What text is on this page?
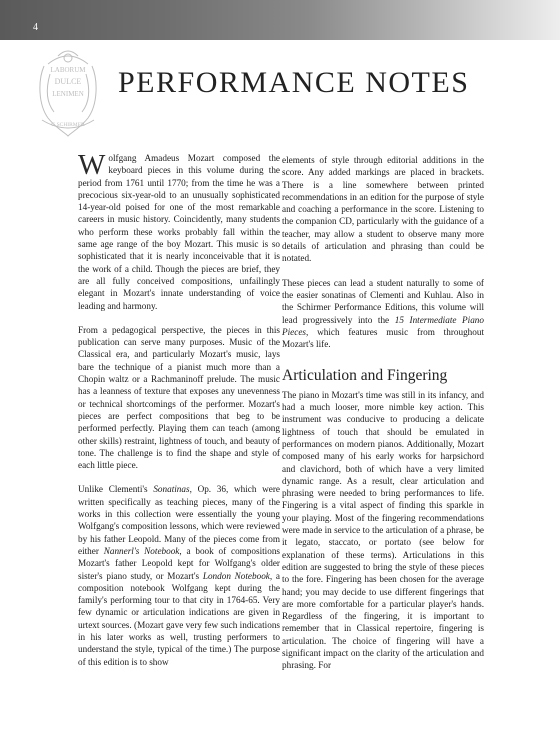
4
LABORUM
DULCE
LENIMEN
G.SCHIRMER
PERFORMANCE NOTES

Wolfgang Amadeus Mozart composed the keyboard pieces in this volume during the period from 1761 until 1770; from the time he was a precocious six-year-old to an unusually sophisticated 14-year-old poised for one of the most remarkable careers in music history. Coincidently, many students who perform these works probably fall within the same age range of the boy Mozart. This music is so sophisticated that it is nearly inconceivable that it is the work of a child. Though the pieces are brief, they are all fully conceived compositions, unfailingly elegant in Mozart's innate understanding of voice leading and harmony.

From a pedagogical perspective, the pieces in this publication can serve many purposes. Music of the Classical era, and particularly Mozart's music, lays bare the technique of a pianist much more than a Chopin waltz or a Rachmaninoff prelude. The music has a leanness of texture that exposes any unevenness or technical shortcomings of the performer. Mozart's pieces are perfect compositions that beg to be performed perfectly. Playing them can teach (among other skills) restraint, lightness of touch, and beauty of tone. The challenge is to find the shape and style of each little piece.

Unlike Clementi's Sonatinas, Op. 36, which were written specifically as teaching pieces, many of the works in this collection were essentially the young Wolfgang's composition lessons, which were reviewed by his father Leopold. Many of the pieces come from either Nannerl's Notebook, a book of compositions Mozart's father Leopold kept for Wolfgang's older sister's piano study, or Mozart's London Notebook, a composition notebook Wolfgang kept during the family's performing tour to that city in 1764-65. Very few dynamic or articulation indications are given in urtext sources. (Mozart gave very few such indications in his later works as well, trusting performers to understand the style, typical of the time.) The purpose of this edition is to show

elements of style through editorial additions in the score. Any added markings are placed in brackets. There is a line somewhere between printed recommendations in an edition for the purpose of style and coaching a performance in the score. Listening to the companion CD, particularly with the guidance of a teacher, may allow a student to observe many more details of articulation and phrasing than could be notated.

These pieces can lead a student naturally to some of the easier sonatinas of Clementi and Kuhlau. Also in the Schirmer Performance Editions, this volume will lead progressively into the 15 Intermediate Piano Pieces, which features music from throughout Mozart's life.

Articulation and Fingering

The piano in Mozart's time was still in its infancy, and had a much looser, more nimble key action. This instrument was conducive to producing a delicate lightness of touch that should be emulated in performances on modern pianos. Additionally, Mozart composed many of his early works for harpsichord and clavichord, both of which have a very limited dynamic range. As a result, clear articulation and phrasing were needed to bring performances to life. Fingering is a vital aspect of finding this sparkle in your playing. Most of the fingering recommendations were made in service to the articulation of a phrase, be it legato, staccato, or portato (see below for explanation of these terms). Articulations in this edition are suggested to bring the style of these pieces to the fore. Fingering has been chosen for the average hand; you may decide to use different fingerings that are more comfortable for a particular player's hands. Regardless of the fingering, it is important to remember that in Classical repertoire, fingering is articulation. The choice of fingering will have a significant impact on the clarity of the articulation and phrasing. For
